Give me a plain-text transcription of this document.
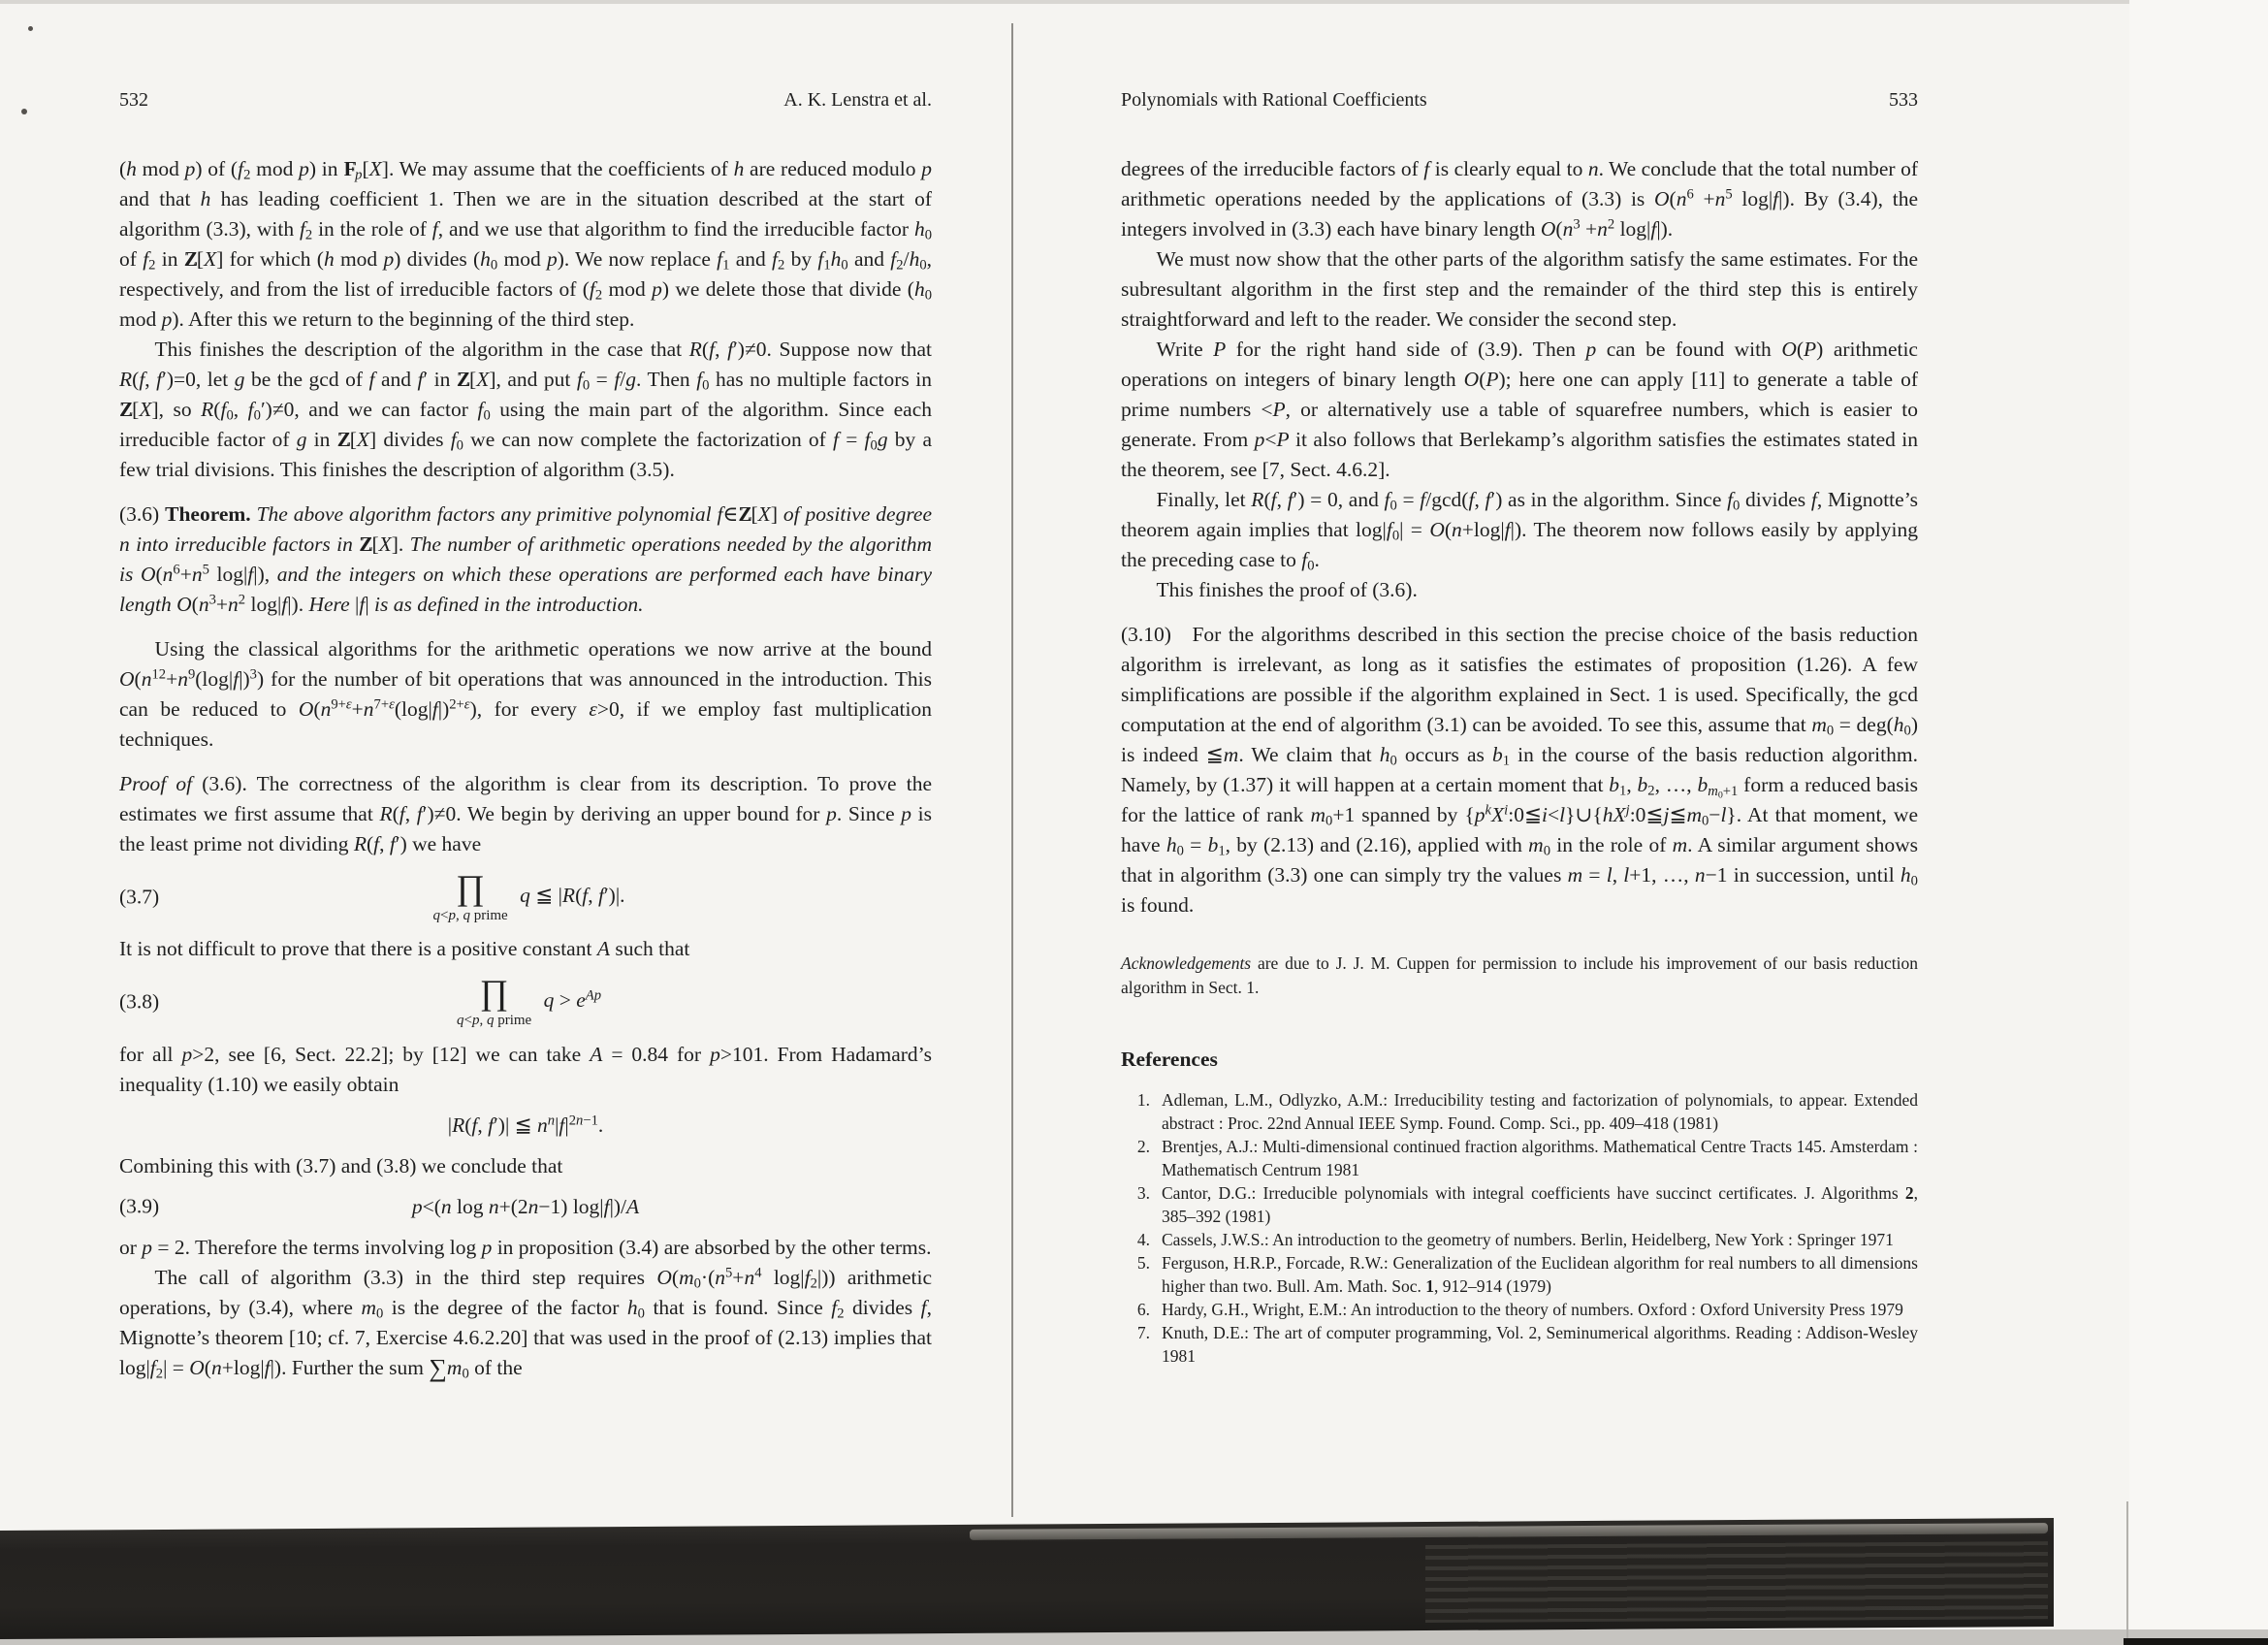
532	A. K. Lenstra et al.

(h mod p) of ($f_2$ mod p) in $F_p[X]$. We may assume that the coefficients of h are reduced modulo p and that h has leading coefficient 1. Then we are in the situation described at the start of algorithm (3.3), with $f_2$ in the role of f, and we use that algorithm to find the irreducible factor $h_0$ of $f_2$ in Z[X] for which (h mod p) divides ($h_0$ mod p). We now replace $f_1$ and $f_2$ by $f_1h_0$ and $f_2/h_0$, respectively, and from the list of irreducible factors of ($f_2$ mod p) we delete those that divide ($h_0$ mod p). After this we return to the beginning of the third step.

This finishes the description of the algorithm in the case that R(f, f′)≠0. Suppose now that R(f, f′)=0, let g be the gcd of f and f′ in Z[X], and put $f_0 = f/g$. Then $f_0$ has no multiple factors in Z[X], so $R(f_0$, $f_0')\ne 0$, and we can factor $f_0$ using the main part of the algorithm. Since each irreducible factor of g in Z[X] divides $f_0$ we can now complete the factorization of $f = f_0g$ by a few trial divisions. This finishes the description of algorithm (3.5).

(3.6) Theorem. The above algorithm factors any primitive polynomial f∈Z[X] of positive degree n into irreducible factors in Z[X]. The number of arithmetic operations needed by the algorithm is $O(n^6+n^5$ log|f|), and the integers on which these operations are performed each have binary length $O(n^3+n^2$ log|f|). Here |f| is as defined in the introduction.

Using the classical algorithms for the arithmetic operations we now arrive at the bound $O(n^{12}+n^9(\log|f|)^3)$ for the number of bit operations that was announced in the introduction. This can be reduced to $O(n^{9+\varepsilon}+n^{7+\varepsilon}(\log|f|)^{2+\varepsilon})$, for every ε>0, if we employ fast multiplication techniques.

Proof of (3.6). The correctness of the algorithm is clear from its description. To prove the estimates we first assume that R(f, f′)≠0. We begin by deriving an upper bound for p. Since p is the least prime not dividing R(f, f′) we have

(3.7)	∏
q<p, q prime
q ≦ |R(f, f′)|.

It is not difficult to prove that there is a positive constant A such that

(3.8)	∏
q<p, q prime
$q > e^{Ap}$

for all p>2, see [6, Sect. 22.2]; by [12] we can take A = 0.84 for p>101. From Hadamard’s inequality (1.10) we easily obtain

|R(f, f′)| ≦ $n^n|f|^{2n-1}$.

Combining this with (3.7) and (3.8) we conclude that

(3.9)	p<(n log n+(2n−1) log|f|)/A

or p = 2. Therefore the terms involving log p in proposition (3.4) are absorbed by the other terms.

The call of algorithm (3.3) in the third step requires $O(m_0\cdot(n^5+n^4$ $\log|f_2|$)) arithmetic operations, by (3.4), where $m_0$ is the degree of the factor $h_0$ that is found. Since $f_2$ divides f, Mignotte’s theorem [10; cf. 7, Exercise 4.6.2.20] that was used in the proof of (2.13) implies that $\log|f_2| = O(n+\log|f|)$. Further the sum $\sum m_0$ of the

Polynomials with Rational Coefficients	533

degrees of the irreducible factors of f is clearly equal to n. We conclude that the total number of arithmetic operations needed by the applications of (3.3) is $O(n^6 +n^5$ log|f|). By (3.4), the integers involved in (3.3) each have binary length $O(n^3 +n^2$ log|f|).

We must now show that the other parts of the algorithm satisfy the same estimates. For the subresultant algorithm in the first step and the remainder of the third step this is entirely straightforward and left to the reader. We consider the second step.

Write P for the right hand side of (3.9). Then p can be found with O(P) arithmetic operations on integers of binary length O(P); here one can apply [11] to generate a table of prime numbers <P, or alternatively use a table of squarefree numbers, which is easier to generate. From p<P it also follows that Berlekamp’s algorithm satisfies the estimates stated in the theorem, see [7, Sect. 4.6.2].

Finally, let R(f, f′) = 0, and $f_0 = f/\gcd(f$, f′) as in the algorithm. Since $f_0$ divides f, Mignotte’s theorem again implies that $\log|f_0| = O(n+\log|f|)$. The theorem now follows easily by applying the preceding case to $f_0$.

This finishes the proof of (3.6).

(3.10) For the algorithms described in this section the precise choice of the basis reduction algorithm is irrelevant, as long as it satisfies the estimates of proposition (1.26). A few simplifications are possible if the algorithm explained in Sect. 1 is used. Specifically, the gcd computation at the end of algorithm (3.1) can be avoided. To see this, assume that $m_0 = deg(h_0)$ is indeed ≦m. We claim that $h_0$ occurs as $b_1$ in the course of the basis reduction algorithm. Namely, by (1.37) it will happen at a certain moment that $b_1$, $b_2$, …, $b_{m_0+1}$ form a reduced basis for the lattice of rank $m_0+1$ spanned by $\{p^kX^i:0≦i<l\}\cup\{hX^j:0≦j≦m_0-l\}$. At that moment, we have $h_0 = b_1$, by (2.13) and (2.16), applied with $m_0$ in the role of m. A similar argument shows that in algorithm (3.3) one can simply try the values m = l, l+1, …, n−1 in succession, until $h_0$ is found.

Acknowledgements are due to J. J. M. Cuppen for permission to include his improvement of our basis reduction algorithm in Sect. 1.

References
1. Adleman, L.M., Odlyzko, A.M.: Irreducibility testing and factorization of polynomials, to appear. Extended abstract : Proc. 22nd Annual IEEE Symp. Found. Comp. Sci., pp. 409–418 (1981)
2. Brentjes, A.J.: Multi-dimensional continued fraction algorithms. Mathematical Centre Tracts 145. Amsterdam : Mathematisch Centrum 1981
3. Cantor, D.G.: Irreducible polynomials with integral coefficients have succinct certificates. J. Algorithms 2, 385–392 (1981)
4. Cassels, J.W.S.: An introduction to the geometry of numbers. Berlin, Heidelberg, New York : Springer 1971
5. Ferguson, H.R.P., Forcade, R.W.: Generalization of the Euclidean algorithm for real numbers to all dimensions higher than two. Bull. Am. Math. Soc. 1, 912–914 (1979)
6. Hardy, G.H., Wright, E.M.: An introduction to the theory of numbers. Oxford : Oxford University Press 1979
7. Knuth, D.E.: The art of computer programming, Vol. 2, Seminumerical algorithms. Reading : Addison-Wesley 1981
